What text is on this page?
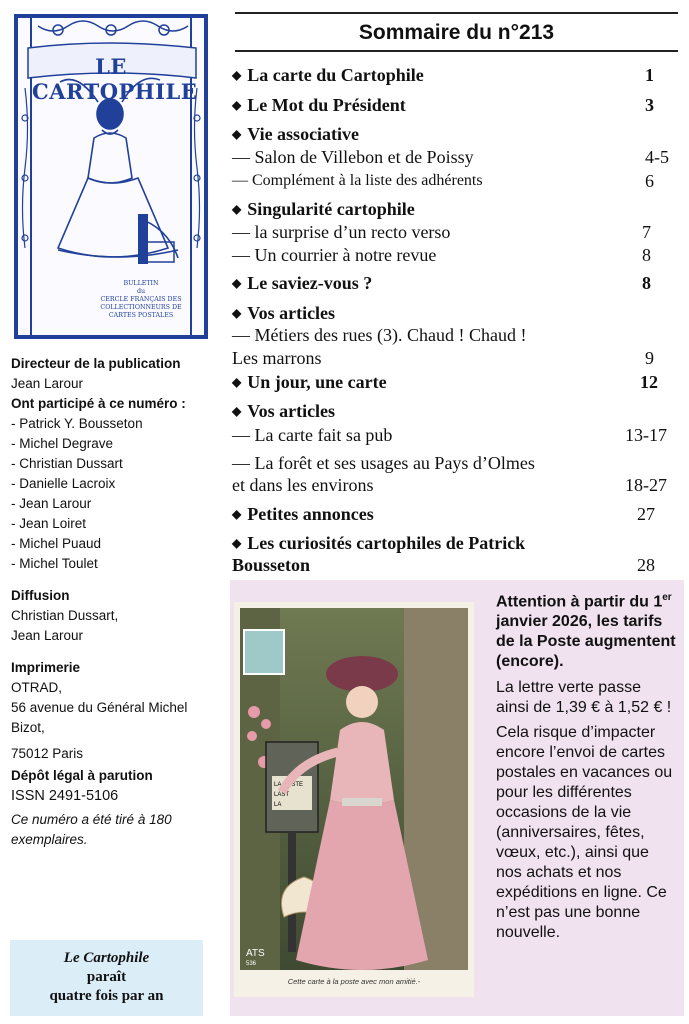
LE CARTOPHILE
BULLETIN
du
CERCLE FRANÇAIS DES
COLLECTIONNEURS DE
CARTES POSTALES
Directeur de la publication
Jean Larour
Ont participé à ce numéro :
- Patrick Y. Bousseton
- Michel Degrave
- Christian Dussart
- Danielle Lacroix
- Jean Larour
- Jean Loiret
- Michel Puaud
- Michel Toulet
Diffusion
Christian Dussart,
Jean Larour
Imprimerie
OTRAD,
56 avenue du Général Michel
Bizot,
75012 Paris
Dépôt légal à parution
ISSN 2491-5106
Ce numéro a été tiré à 180
exemplaires.
Le Cartophile
paraît
quatre fois par an
Sommaire du n°213
◆ La carte du Cartophile	1
◆ Le Mot du Président	3
◆ Vie associative
— Salon de Villebon et de Poissy	4-5
— Complément à la liste des adhérents	6
◆ Singularité cartophile
— la surprise d’un recto verso	7
— Un courrier à notre revue	8
◆ Le saviez-vous ?	8
◆ Vos articles
— Métiers des rues (3). Chaud ! Chaud !
Les marrons	9
◆ Un jour, une carte	12
◆ Vos articles
— La carte fait sa pub	13-17
— La forêt et ses usages au Pays d’Olmes
et dans les environs	18-27
◆ Petites annonces	27
◆ Les curiosités cartophiles de Patrick
Bousseton	28
LA POSTE
LAST
LA
ATS
536
Cette carte à la poste avec mon amitié.-
Attention à partir du 1er janvier 2026, les tarifs de la Poste augmentent (encore).

La lettre verte passe ainsi de 1,39 € à 1,52 € !

Cela risque d’impacter encore l’envoi de cartes postales en vacances ou pour les différentes occasions de la vie (anniversaires, fêtes, vœux, etc.), ainsi que nos achats et nos expéditions en ligne. Ce n’est pas une bonne nouvelle.
